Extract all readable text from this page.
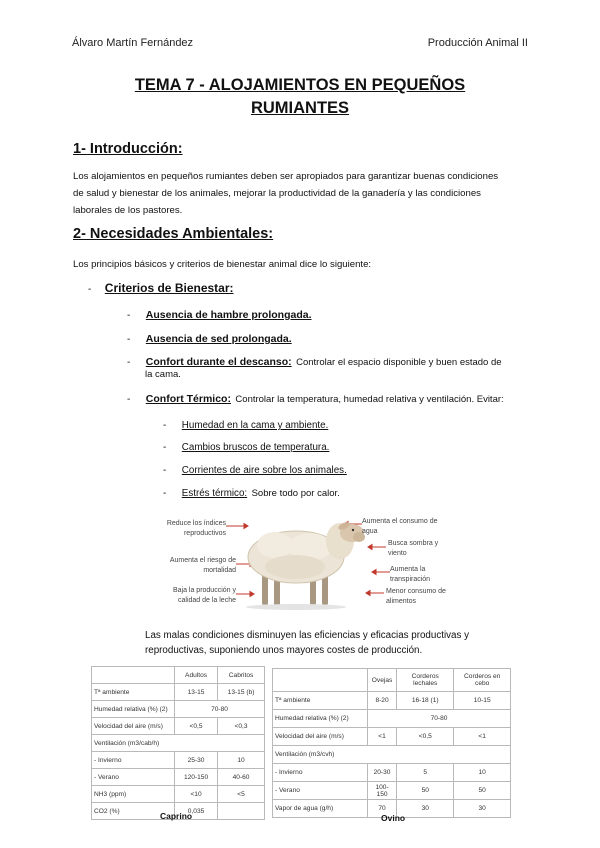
Álvaro Martín Fernández	Producción Animal II
TEMA 7 - ALOJAMIENTOS EN PEQUEÑOS
RUMIANTES
1- Introducción:
Los alojamientos en pequeños rumiantes deben ser apropiados para garantizar buenas condiciones
de salud y bienestar de los animales, mejorar la productividad de la ganadería y las condiciones
laborales de los pastores.
2- Necesidades Ambientales:
Los principios básicos y criterios de bienestar animal dice lo siguiente:
- Criterios de Bienestar:
- Ausencia de hambre prolongada.
- Ausencia de sed prolongada.
- Confort durante el descanso: Controlar el espacio disponible y buen estado de
la cama.
- Confort Térmico: Controlar la temperatura, humedad relativa y ventilación. Evitar:
- Humedad en la cama y ambiente.
- Cambios bruscos de temperatura.
- Corrientes de aire sobre los animales.
- Estrés térmico: Sobre todo por calor.
Reduce los índices reproductivos
Aumenta el riesgo de mortalidad
Baja la producción y calidad de la leche
Aumenta el consumo de agua
Busca sombra y viento
Aumenta la transpiración
Menor consumo de alimentos
Las malas condiciones disminuyen las eficiencias y eficacias productivas y
reproductivas, suponiendo unos mayores costes de producción.
	Adultos	Cabritos
Tª ambiente	13-15	13-15 (b)
Humedad relativa (%) (2)	70-80	
Velocidad del aire (m/s)	<0,5	<0,3
Ventilación (m3/cab/h)		
- Invierno	25-30	10
- Verano	120-150	40-60
NH3 (ppm)	<10	<5
CO2 (%)	0,035	
Caprino
	Ovejas	Corderos lechales	Corderos en cebo
Tª ambiente	8-20	16-18 (1)	10-15
Humedad relativa (%) (2)	70-80		
Velocidad del aire (m/s)	<1	<0,5	<1
Ventilación (m3/cvh)			
- Invierno	20-30	5	10
- Verano	100-150	50	50
Vapor de agua (g/h)	70	30	30
Ovino
